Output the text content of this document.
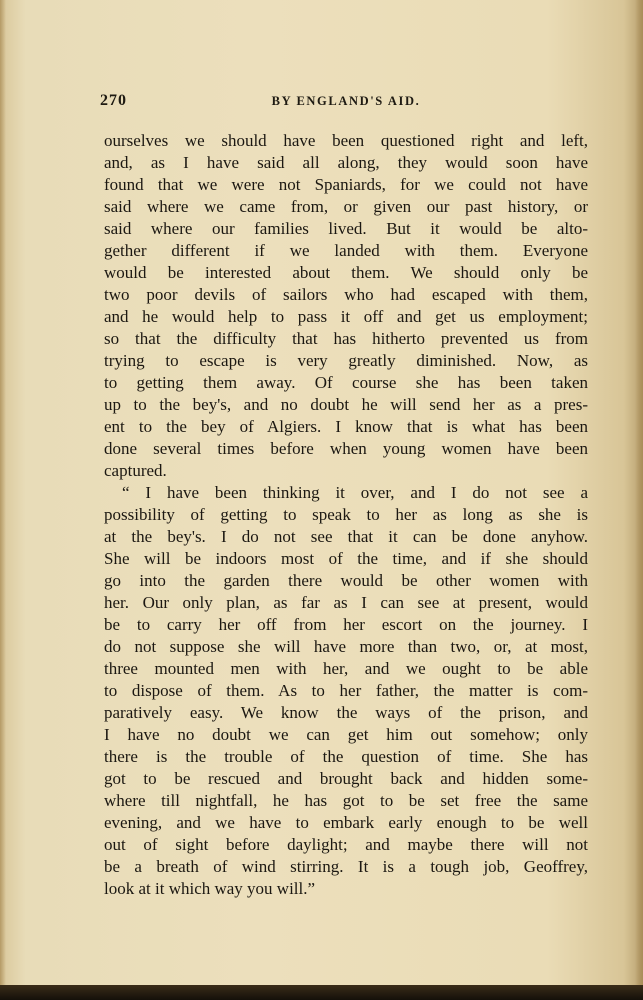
270	BY ENGLAND'S AID.
ourselves we should have been questioned right and left,
and, as I have said all along, they would soon have
found that we were not Spaniards, for we could not have
said where we came from, or given our past history, or
said where our families lived. But it would be alto-
gether different if we landed with them. Everyone
would be interested about them. We should only be
two poor devils of sailors who had escaped with them,
and he would help to pass it off and get us employment;
so that the difficulty that has hitherto prevented us from
trying to escape is very greatly diminished. Now, as
to getting them away. Of course she has been taken
up to the bey's, and no doubt he will send her as a pres-
ent to the bey of Algiers. I know that is what has been
done several times before when young women have been
captured.
“ I have been thinking it over, and I do not see a
possibility of getting to speak to her as long as she is
at the bey's. I do not see that it can be done anyhow.
She will be indoors most of the time, and if she should
go into the garden there would be other women with
her. Our only plan, as far as I can see at present, would
be to carry her off from her escort on the journey. I
do not suppose she will have more than two, or, at most,
three mounted men with her, and we ought to be able
to dispose of them. As to her father, the matter is com-
paratively easy. We know the ways of the prison, and
I have no doubt we can get him out somehow; only
there is the trouble of the question of time. She has
got to be rescued and brought back and hidden some-
where till nightfall, he has got to be set free the same
evening, and we have to embark early enough to be well
out of sight before daylight; and maybe there will not
be a breath of wind stirring. It is a tough job, Geoffrey,
look at it which way you will.”
